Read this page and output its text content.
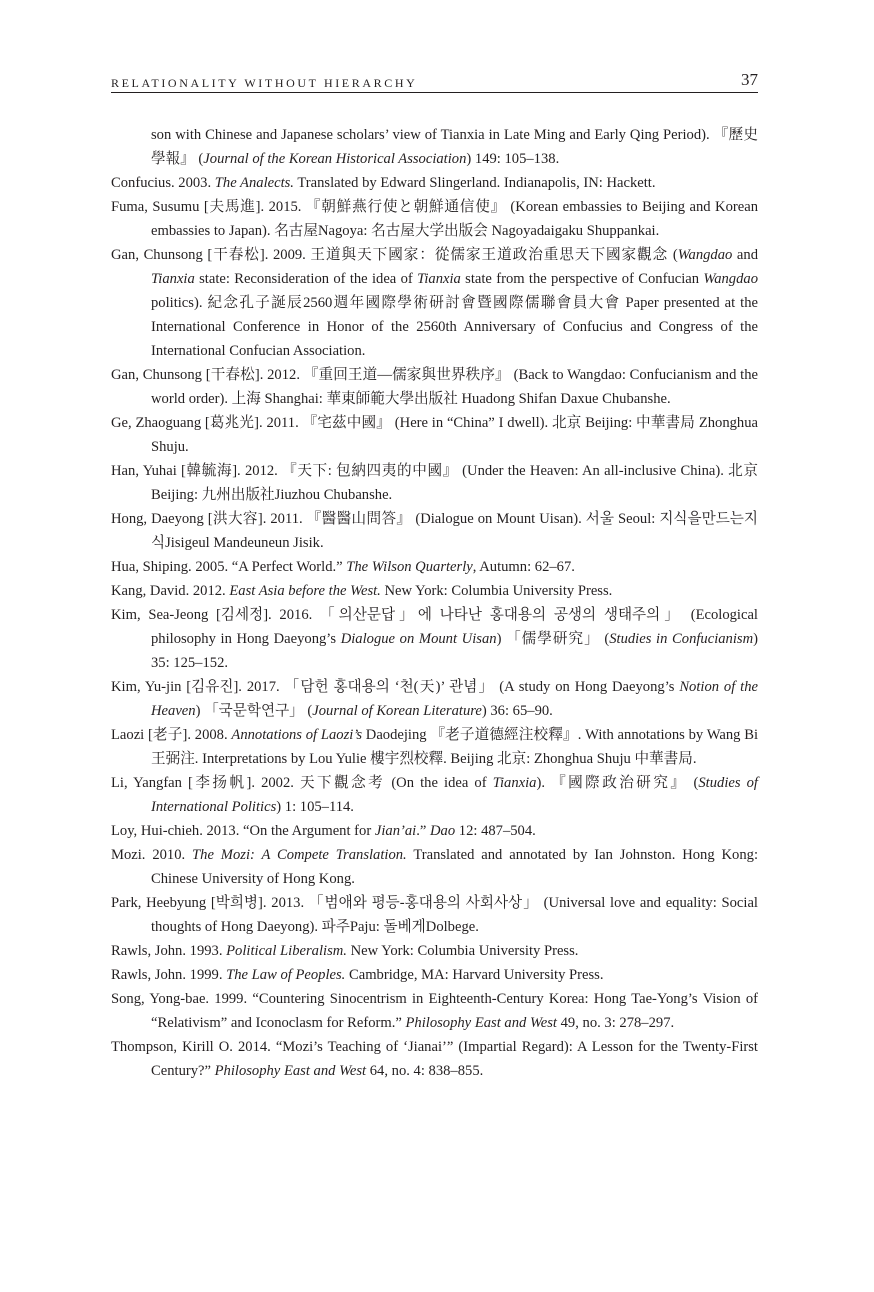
RELATIONALITY WITHOUT HIERARCHY	37
son with Chinese and Japanese scholars’ view of Tianxia in Late Ming and Early Qing Period). 『歷史學報』 (Journal of the Korean Historical Association) 149: 105–138.
Confucius. 2003. The Analects. Translated by Edward Slingerland. Indianapolis, IN: Hackett.
Fuma, Susumu [夫馬進]. 2015. 『朝鮮燕行使と朝鮮通信使』 (Korean embassies to Beijing and Korean embassies to Japan). 名古屋Nagoya: 名古屋大学出版会 Nagoyadaigaku Shuppankai.
Gan, Chunsong [干春松]. 2009. 王道與天下國家：從儒家王道政治重思天下國家觀念 (Wangdao and Tianxia state: Reconsideration of the idea of Tianxia state from the perspective of Confucian Wangdao politics). 紀念孔子誕辰2560週年國際學術研討會暨國際儒聯會員大會 Paper presented at the International Conference in Honor of the 2560th Anniversary of Confucius and Congress of the International Confucian Association.
Gan, Chunsong [干春松]. 2012. 『重回王道—儒家與世界秩序』 (Back to Wangdao: Confucianism and the world order). 上海 Shanghai: 華東師範大學出版社 Huadong Shifan Daxue Chubanshe.
Ge, Zhaoguang [葛兆光]. 2011. 『宅茲中國』 (Here in “China” I dwell). 北京 Beijing: 中華書局 Zhonghua Shuju.
Han, Yuhai [韓毓海]. 2012. 『天下: 包納四夷的中國』 (Under the Heaven: An all-inclusive China). 北京 Beijing: 九州出版社Jiuzhou Chubanshe.
Hong, Daeyong [洪大容]. 2011. 『醫醫山問答』 (Dialogue on Mount Uisan). 서울 Seoul: 지식을만드는지식Jisigeul Mandeuneun Jisik.
Hua, Shiping. 2005. “A Perfect World.” The Wilson Quarterly, Autumn: 62–67.
Kang, David. 2012. East Asia before the West. New York: Columbia University Press.
Kim, Sea-Jeong [김세정]. 2016. 「의산문답」에 나타난 홍대용의 공생의 생태주의」 (Ecological philosophy in Hong Daeyong’s Dialogue on Mount Uisan) 「儒學研究」 (Studies in Confucianism) 35: 125–152.
Kim, Yu-jin [김유진]. 2017. 「담헌 홍대용의 ‘천(天)’ 관념」 (A study on Hong Daeyong’s Notion of the Heaven) 「국문학연구」 (Journal of Korean Literature) 36: 65–90.
Laozi [老子]. 2008. Annotations of Laozi’s Daodejing 『老子道德經注校釋』. With annotations by Wang Bi 王弼注. Interpretations by Lou Yulie 樓宇烈校釋. Beijing 北京: Zhonghua Shuju 中華書局.
Li, Yangfan [李扬帆]. 2002. 天下觀念考 (On the idea of Tianxia). 『國際政治研究』 (Studies of International Politics) 1: 105–114.
Loy, Hui-chieh. 2013. “On the Argument for Jian’ai.” Dao 12: 487–504.
Mozi. 2010. The Mozi: A Compete Translation. Translated and annotated by Ian Johnston. Hong Kong: Chinese University of Hong Kong.
Park, Heebyung [박희병]. 2013. 「범애와 평등-홍대용의 사회사상」 (Universal love and equality: Social thoughts of Hong Daeyong). 파주Paju: 돌베게Dolbege.
Rawls, John. 1993. Political Liberalism. New York: Columbia University Press.
Rawls, John. 1999. The Law of Peoples. Cambridge, MA: Harvard University Press.
Song, Yong-bae. 1999. “Countering Sinocentrism in Eighteenth-Century Korea: Hong Tae-Yong’s Vision of “Relativism” and Iconoclasm for Reform.” Philosophy East and West 49, no. 3: 278–297.
Thompson, Kirill O. 2014. “Mozi’s Teaching of ‘Jianai’” (Impartial Regard): A Lesson for the Twenty-First Century?” Philosophy East and West 64, no. 4: 838–855.
